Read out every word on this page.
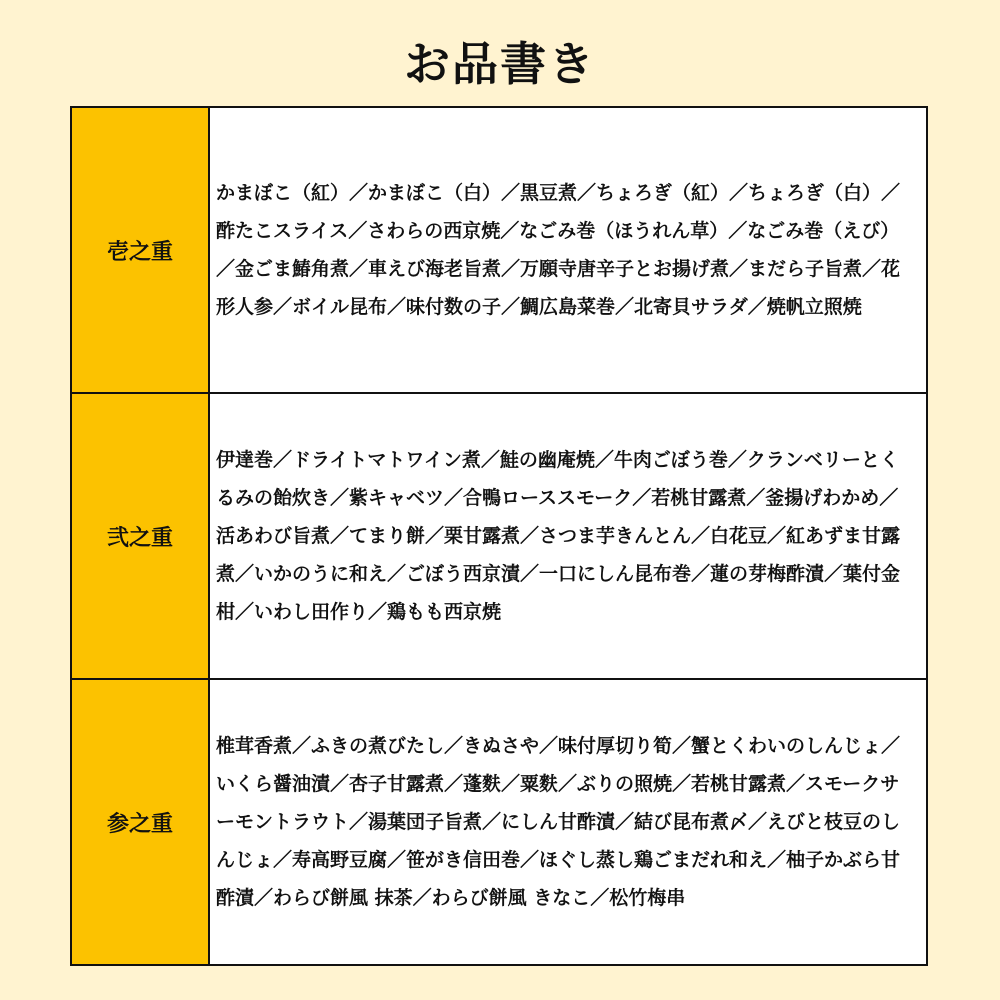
お品書き
壱之重

かまぼこ（紅）／かまぼこ（白）／黒豆煮／ちょろぎ（紅）／ちょろぎ（白）／酢たこスライス／さわらの西京焼／なごみ巻（ほうれん草）／なごみ巻（えび）／金ごま鰆角煮／車えび海老旨煮／万願寺唐辛子とお揚げ煮／まだら子旨煮／花形人参／ボイル昆布／味付数の子／鯛広島菜巻／北寄貝サラダ／焼帆立照焼

弐之重

伊達巻／ドライトマトワイン煮／鮭の幽庵焼／牛肉ごぼう巻／クランベリーとくるみの飴炊き／紫キャベツ／合鴨ローススモーク／若桃甘露煮／釜揚げわかめ／活あわび旨煮／てまり餅／栗甘露煮／さつま芋きんとん／白花豆／紅あずま甘露煮／いかのうに和え／ごぼう西京漬／一口にしん昆布巻／蓮の芽梅酢漬／葉付金柑／いわし田作り／鶏もも西京焼

参之重

椎茸香煮／ふきの煮びたし／きぬさや／味付厚切り筍／蟹とくわいのしんじょ／いくら醤油漬／杏子甘露煮／蓬麩／粟麩／ぶりの照焼／若桃甘露煮／スモークサーモントラウト／湯葉団子旨煮／にしん甘酢漬／結び昆布煮〆／えびと枝豆のしんじょ／寿高野豆腐／笹がき信田巻／ほぐし蒸し鶏ごまだれ和え／柚子かぶら甘酢漬／わらび餅風 抹茶／わらび餅風 きなこ／松竹梅串
